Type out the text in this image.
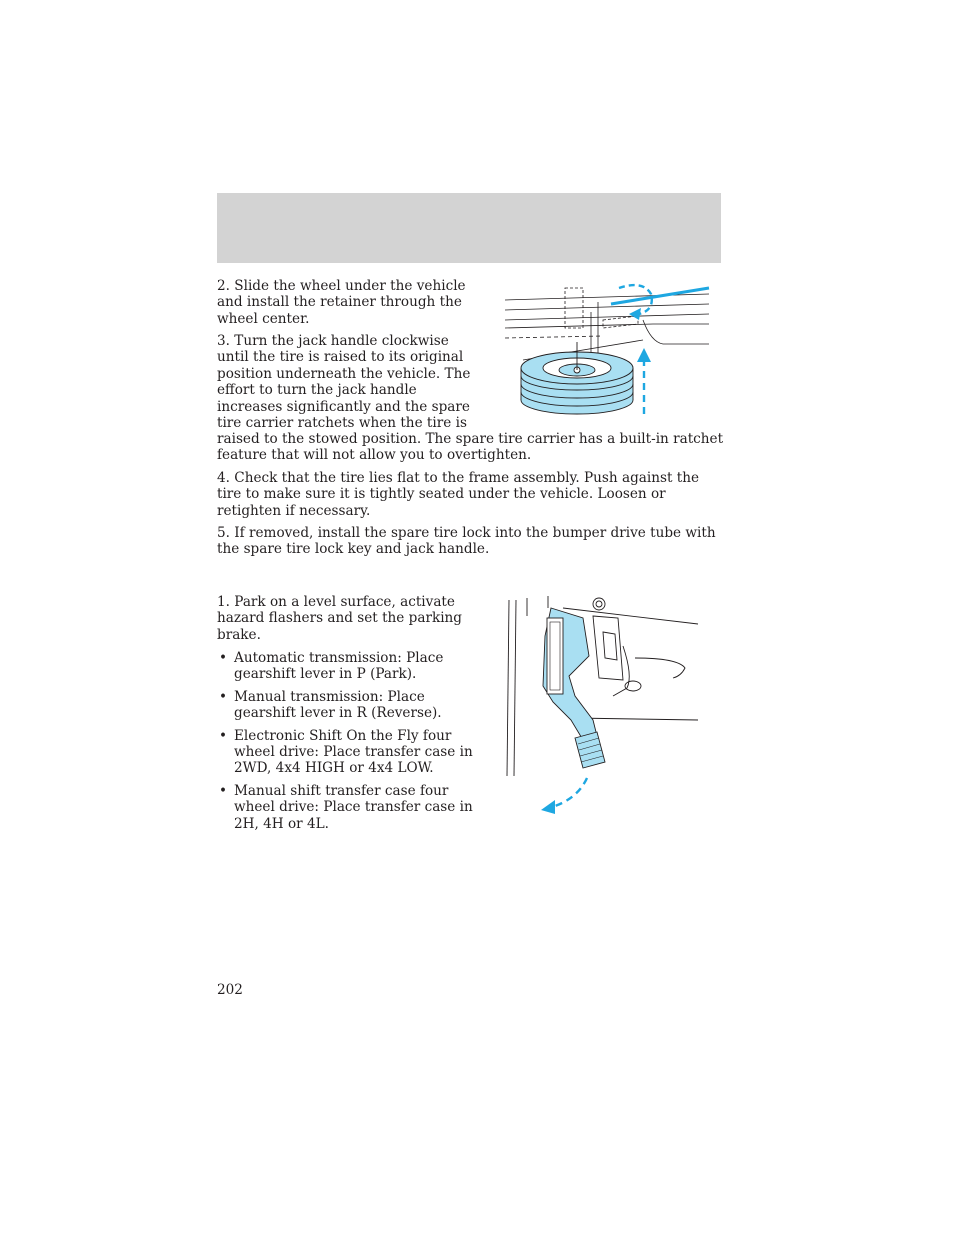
2. Slide the wheel under the vehicle and install the retainer through the wheel center.

3. Turn the jack handle clockwise until the tire is raised to its original position underneath the vehicle. The effort to turn the jack handle increases significantly and the spare tire carrier ratchets when the tire is

raised to the stowed position. The spare tire carrier has a built-in ratchet feature that will not allow you to overtighten.

4. Check that the tire lies flat to the frame assembly. Push against the tire to make sure it is tightly seated under the vehicle. Loosen or retighten if necessary.

5. If removed, install the spare tire lock into the bumper drive tube with the spare tire lock key and jack handle.

1. Park on a level surface, activate hazard flashers and set the parking brake.

• Automatic transmission: Place gearshift lever in P (Park).
• Manual transmission: Place gearshift lever in R (Reverse).
• Electronic Shift On the Fly four wheel drive: Place transfer case in 2WD, 4x4 HIGH or 4x4 LOW.
• Manual shift transfer case four wheel drive: Place transfer case in 2H, 4H or 4L.
202
